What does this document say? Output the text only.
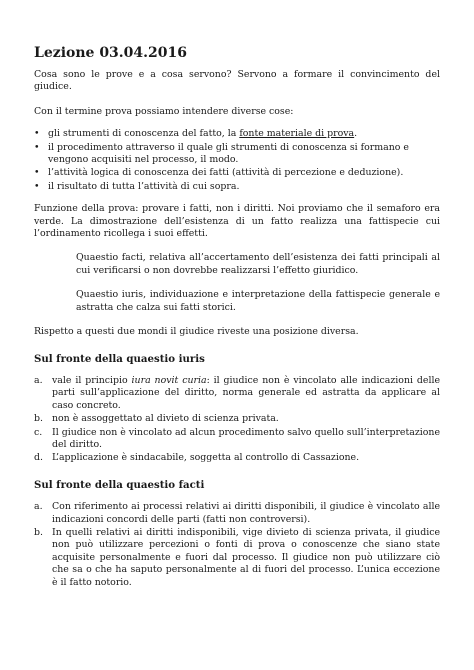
Lezione 03.04.2016

Cosa sono le prove e a cosa servono? Servono a formare il convincimento del giudice.

Con il termine prova possiamo intendere diverse cose:

• gli strumenti di conoscenza del fatto, la fonte materiale di prova.
• il procedimento attraverso il quale gli strumenti di conoscenza si formano e vengono acquisiti nel processo, il modo.
• l’attività logica di conoscenza dei fatti (attività di percezione e deduzione).
• il risultato di tutta l’attività di cui sopra.

Funzione della prova: provare i fatti, non i diritti. Noi proviamo che il semaforo era verde. La dimostrazione dell’esistenza di un fatto realizza una fattispecie cui l’ordinamento ricollega i suoi effetti.

Quaestio facti, relativa all’accertamento dell’esistenza dei fatti principali al cui verificarsi o non dovrebbe realizzarsi l’effetto giuridico.

Quaestio iuris, individuazione e interpretazione della fattispecie generale e astratta che calza sui fatti storici.

Rispetto a questi due mondi il giudice riveste una posizione diversa.

Sul fronte della quaestio iuris
a. vale il principio iura novit curia: il giudice non è vincolato alle indicazioni delle parti sull’applicazione del diritto, norma generale ed astratta da applicare al caso concreto.
b. non è assoggettato al divieto di scienza privata.
c. Il giudice non è vincolato ad alcun procedimento salvo quello sull’interpretazione del diritto.
d. L’applicazione è sindacabile, soggetta al controllo di Cassazione.
Sul fronte della quaestio facti
a. Con riferimento ai processi relativi ai diritti disponibili, il giudice è vincolato alle indicazioni concordi delle parti (fatti non controversi).
b. In quelli relativi ai diritti indisponibili, vige divieto di scienza privata, il giudice non può utilizzare percezioni o fonti di prova o conoscenze che siano state acquisite personalmente e fuori dal processo. Il giudice non può utilizzare ciò che sa o che ha saputo personalmente al di fuori del processo. L’unica eccezione è il fatto notorio.
